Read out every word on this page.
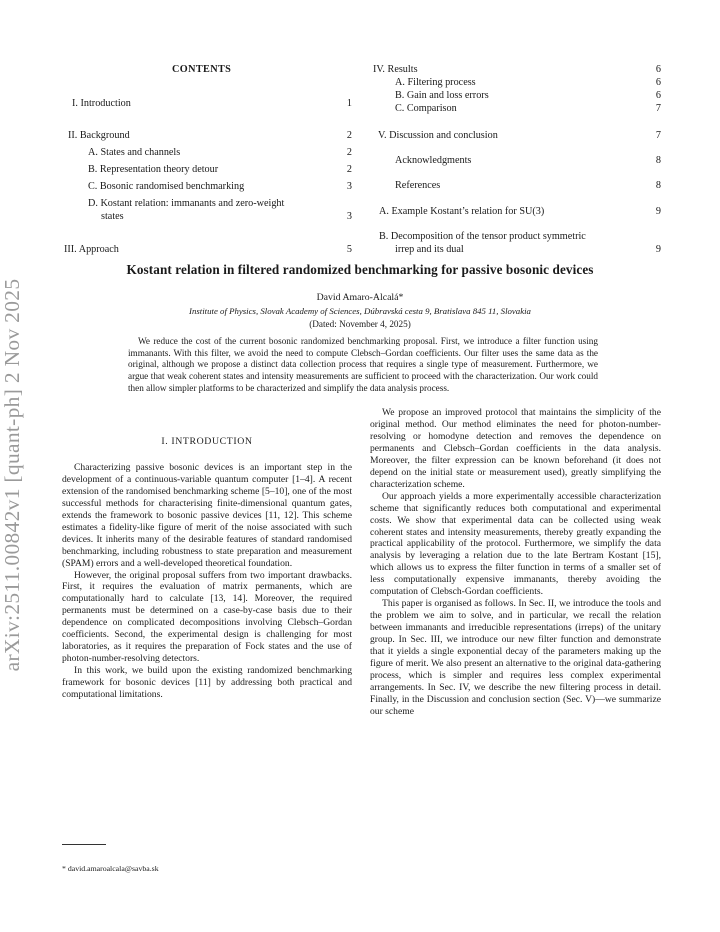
arXiv:2511.00842v1 [quant-ph] 2 Nov 2025
CONTENTS
I. Introduction	1
II. Background	2
A. States and channels	2
B. Representation theory detour	2
C. Bosonic randomised benchmarking	3
D. Kostant relation: immanants and zero-weight
states	3
III. Approach	5
IV. Results	6
A. Filtering process	6
B. Gain and loss errors	6
C. Comparison	7
V. Discussion and conclusion	7
Acknowledgments	8
References	8
A. Example Kostant’s relation for SU(3)	9
B. Decomposition of the tensor product symmetric
irrep and its dual	9
Kostant relation in filtered randomized benchmarking for passive bosonic devices
David Amaro-Alcalá*
Institute of Physics, Slovak Academy of Sciences, Dúbravská cesta 9, Bratislava 845 11, Slovakia
(Dated: November 4, 2025)
We reduce the cost of the current bosonic randomized benchmarking proposal. First, we introduce a filter function using immanants. With this filter, we avoid the need to compute Clebsch–Gordan coefficients. Our filter uses the same data as the original, although we propose a distinct data collection process that requires a single type of measurement. Furthermore, we argue that weak coherent states and intensity measurements are sufficient to proceed with the characterization. Our work could then allow simpler platforms to be characterized and simplify the data analysis process.

I. INTRODUCTION

Characterizing passive bosonic devices is an important step in the development of a continuous-variable quantum computer [1–4]. A recent extension of the randomised benchmarking scheme [5–10], one of the most successful methods for characterising finite-dimensional quantum gates, extends the framework to bosonic passive devices [11, 12]. This scheme estimates a fidelity-like figure of merit of the noise associated with such devices. It inherits many of the desirable features of standard randomised benchmarking, including robustness to state preparation and measurement (SPAM) errors and a well-developed theoretical foundation.

However, the original proposal suffers from two important drawbacks. First, it requires the evaluation of matrix permanents, which are computationally hard to calculate [13, 14]. Moreover, the required permanents must be determined on a case-by-case basis due to their dependence on complicated decompositions involving Clebsch–Gordan coefficients. Second, the experimental design is challenging for most laboratories, as it requires the preparation of Fock states and the use of photon-number-resolving detectors.

In this work, we build upon the existing randomized benchmarking framework for bosonic devices [11] by addressing both practical and computational limitations.

We propose an improved protocol that maintains the simplicity of the original method. Our method eliminates the need for photon-number-resolving or homodyne detection and removes the dependence on permanents and Clebsch–Gordan coefficients in the data analysis. Moreover, the filter expression can be known beforehand (it does not depend on the initial state or measurement used), greatly simplifying the characterization scheme.

Our approach yields a more experimentally accessible characterization scheme that significantly reduces both computational and experimental costs. We show that experimental data can be collected using weak coherent states and intensity measurements, thereby greatly expanding the practical applicability of the protocol. Furthermore, we simplify the data analysis by leveraging a relation due to the late Bertram Kostant [15], which allows us to express the filter function in terms of a smaller set of less computationally expensive immanants, thereby avoiding the computation of Clebsch-Gordan coefficients.

This paper is organised as follows. In Sec. II, we introduce the tools and the problem we aim to solve, and in particular, we recall the relation between immanants and irreducible representations (irreps) of the unitary group. In Sec. III, we introduce our new filter function and demonstrate that it yields a single exponential decay of the parameters making up the figure of merit. We also present an alternative to the original data-gathering process, which is simpler and requires less complex experimental arrangements. In Sec. IV, we describe the new filtering process in detail. Finally, in the Discussion and conclusion section (Sec. V)—we summarize our scheme

* david.amaroalcala@savba.sk
